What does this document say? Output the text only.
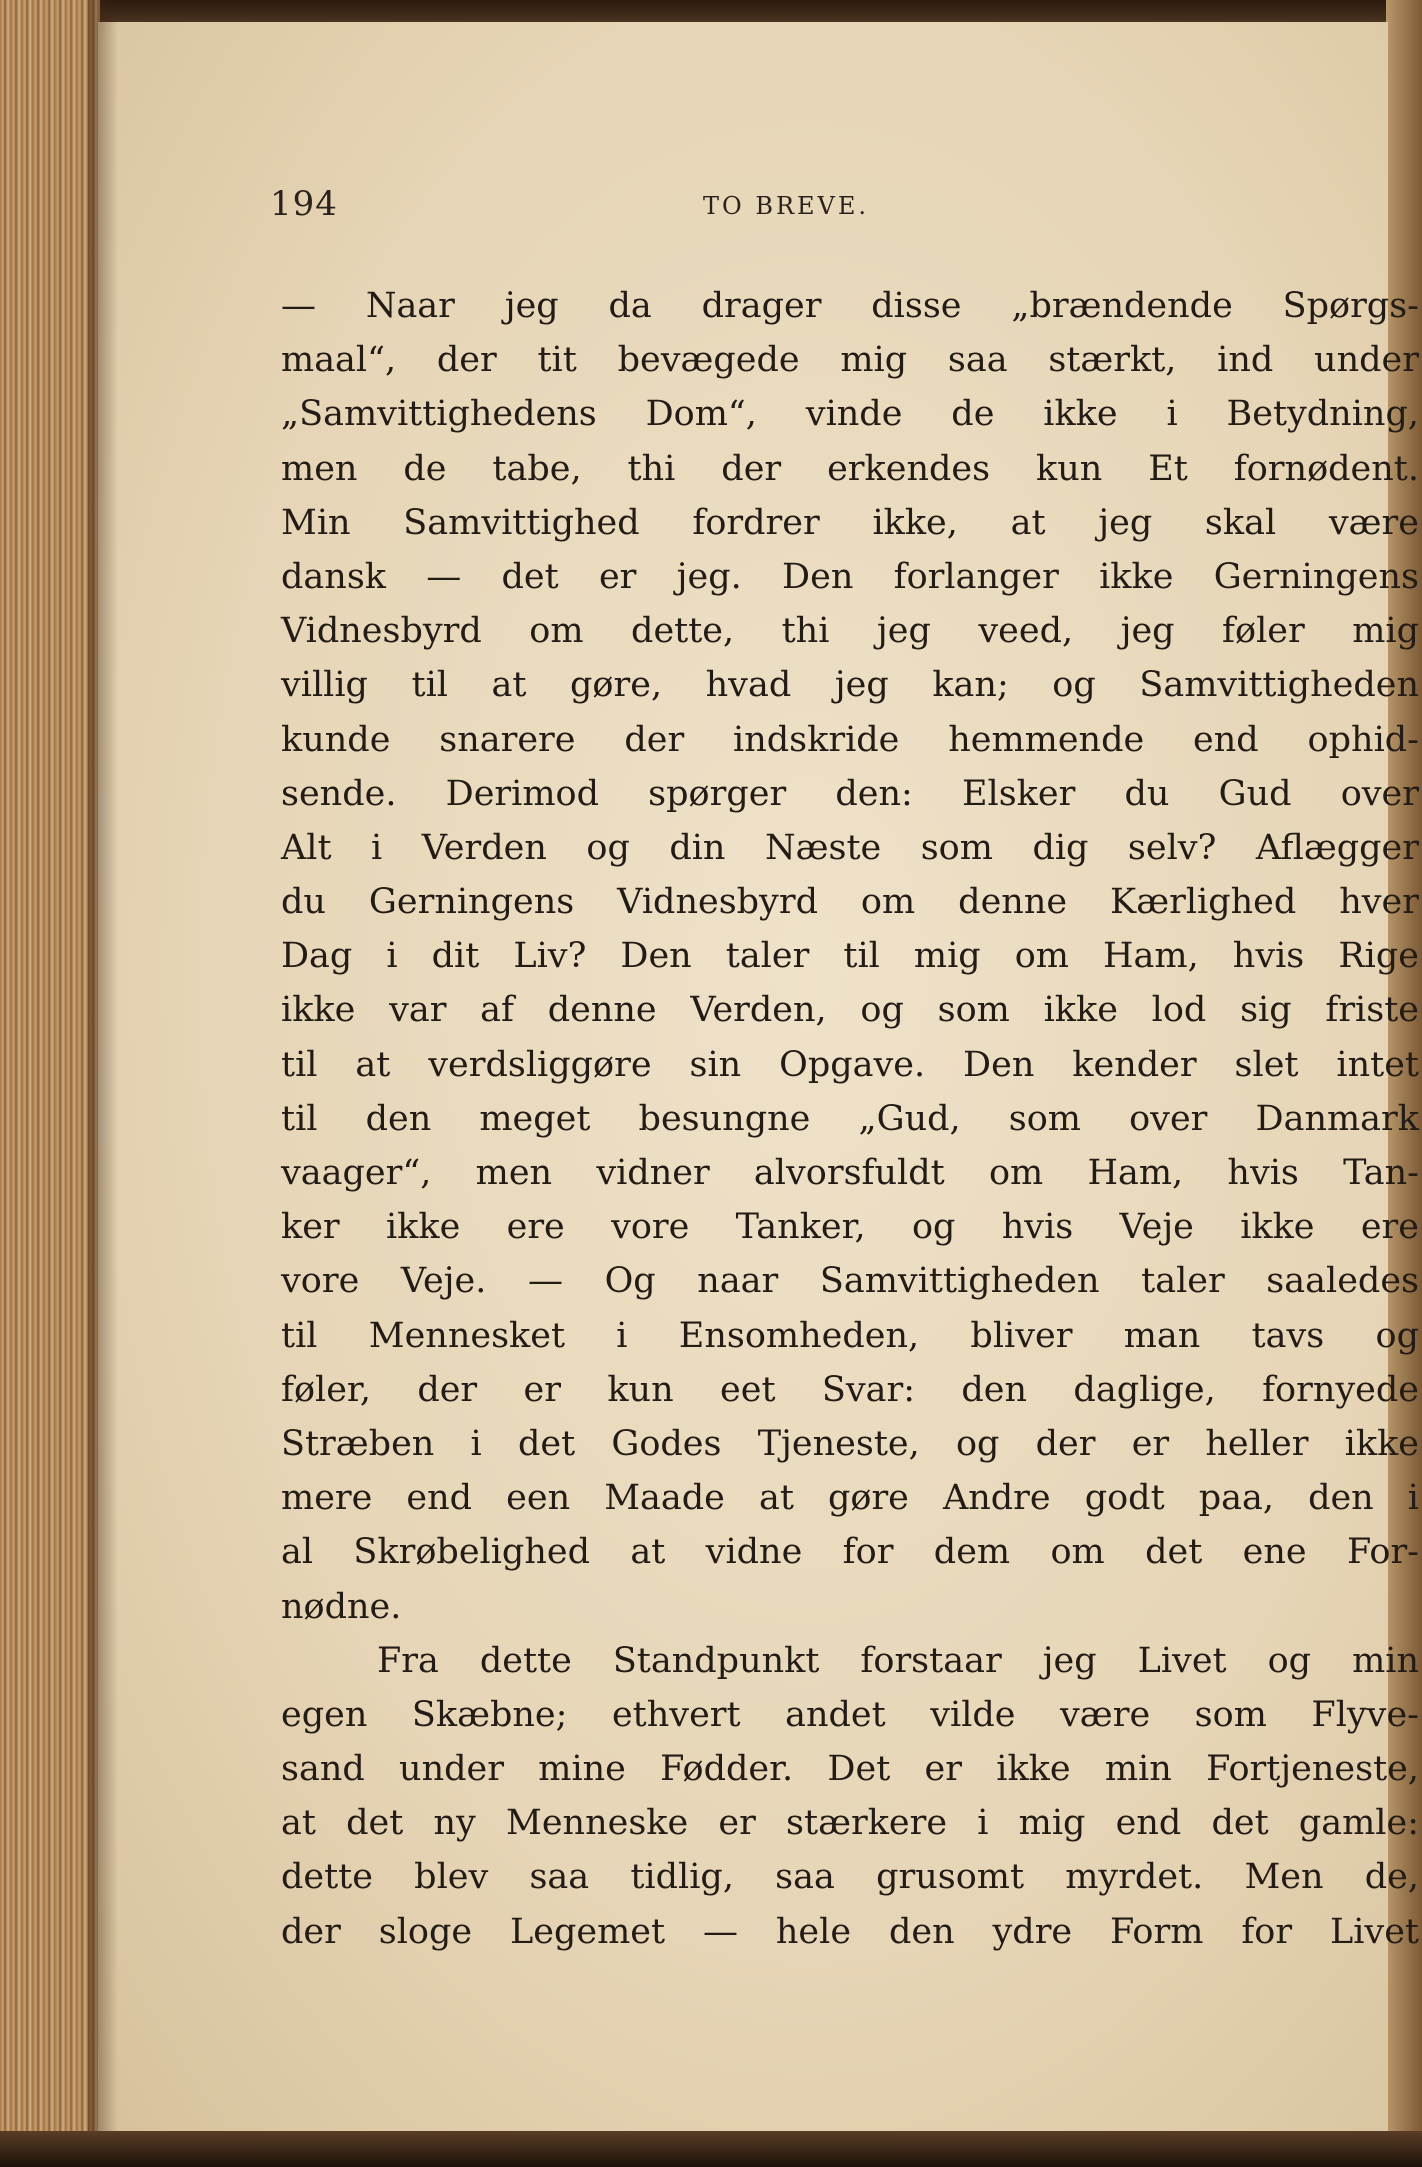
194	TO BREVE.
— Naar jeg da drager disse „brændende Spørgs-
maal“, der tit bevægede mig saa stærkt, ind under
„Samvittighedens Dom“, vinde de ikke i Betydning,
men de tabe, thi der erkendes kun Et fornødent.
Min Samvittighed fordrer ikke, at jeg skal være
dansk — det er jeg. Den forlanger ikke Gerningens
Vidnesbyrd om dette, thi jeg veed, jeg føler mig
villig til at gøre, hvad jeg kan; og Samvittigheden
kunde snarere der indskride hemmende end ophid-
sende. Derimod spørger den: Elsker du Gud over
Alt i Verden og din Næste som dig selv? Aflægger
du Gerningens Vidnesbyrd om denne Kærlighed hver
Dag i dit Liv? Den taler til mig om Ham, hvis Rige
ikke var af denne Verden, og som ikke lod sig friste
til at verdsliggøre sin Opgave. Den kender slet intet
til den meget besungne „Gud, som over Danmark
vaager“, men vidner alvorsfuldt om Ham, hvis Tan-
ker ikke ere vore Tanker, og hvis Veje ikke ere
vore Veje. — Og naar Samvittigheden taler saaledes
til Mennesket i Ensomheden, bliver man tavs og
føler, der er kun eet Svar: den daglige, fornyede
Stræben i det Godes Tjeneste, og der er heller ikke
mere end een Maade at gøre Andre godt paa, den i
al Skrøbelighed at vidne for dem om det ene For-
nødne.
Fra dette Standpunkt forstaar jeg Livet og min
egen Skæbne; ethvert andet vilde være som Flyve-
sand under mine Fødder. Det er ikke min Fortjeneste,
at det ny Menneske er stærkere i mig end det gamle:
dette blev saa tidlig, saa grusomt myrdet. Men de,
der sloge Legemet — hele den ydre Form for Livet
